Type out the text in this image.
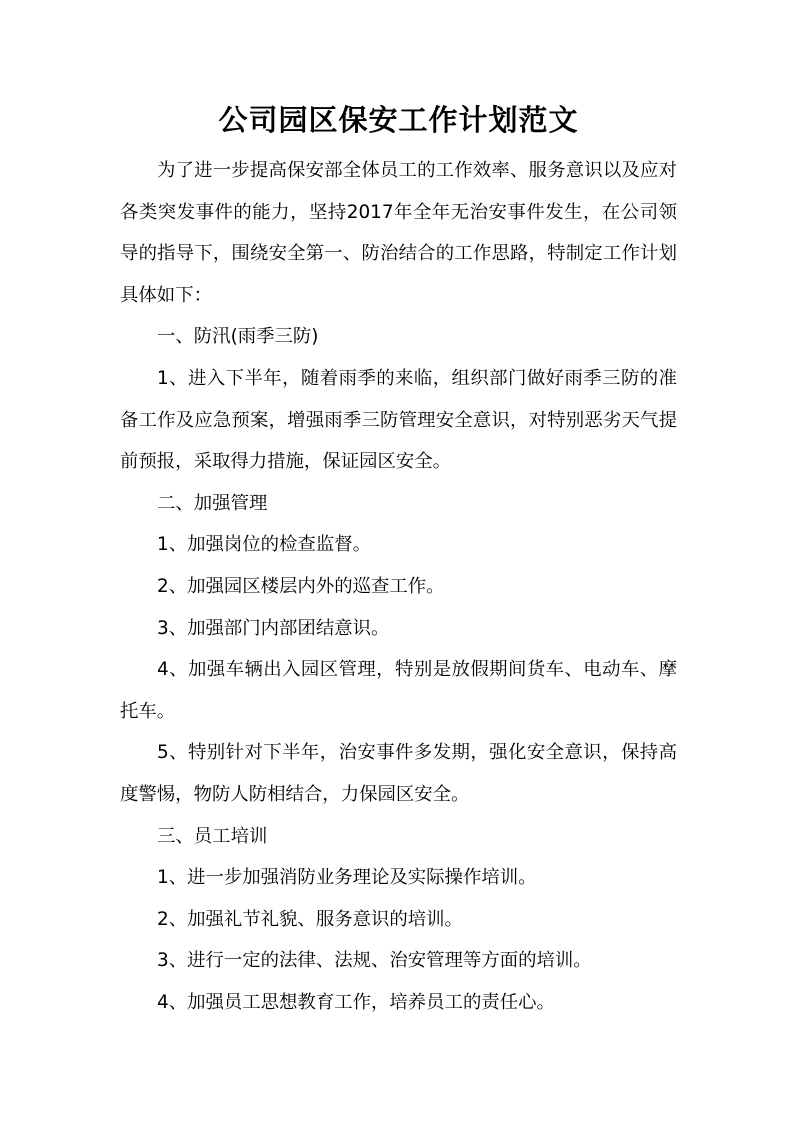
公司园区保安工作计划范文

为了进一步提高保安部全体员工的工作效率、服务意识以及应对各类突发事件的能力，坚持2017年全年无治安事件发生，在公司领导的指导下，围绕安全第一、防治结合的工作思路，特制定工作计划具体如下：

一、防汛(雨季三防)

1、进入下半年，随着雨季的来临，组织部门做好雨季三防的准备工作及应急预案，增强雨季三防管理安全意识，对特别恶劣天气提前预报，采取得力措施，保证园区安全。

二、加强管理

1、加强岗位的检查监督。

2、加强园区楼层内外的巡查工作。

3、加强部门内部团结意识。

4、加强车辆出入园区管理，特别是放假期间货车、电动车、摩托车。

5、特别针对下半年，治安事件多发期，强化安全意识，保持高度警惕，物防人防相结合，力保园区安全。

三、员工培训

1、进一步加强消防业务理论及实际操作培训。

2、加强礼节礼貌、服务意识的培训。

3、进行一定的法律、法规、治安管理等方面的培训。

4、加强员工思想教育工作，培养员工的责任心。
